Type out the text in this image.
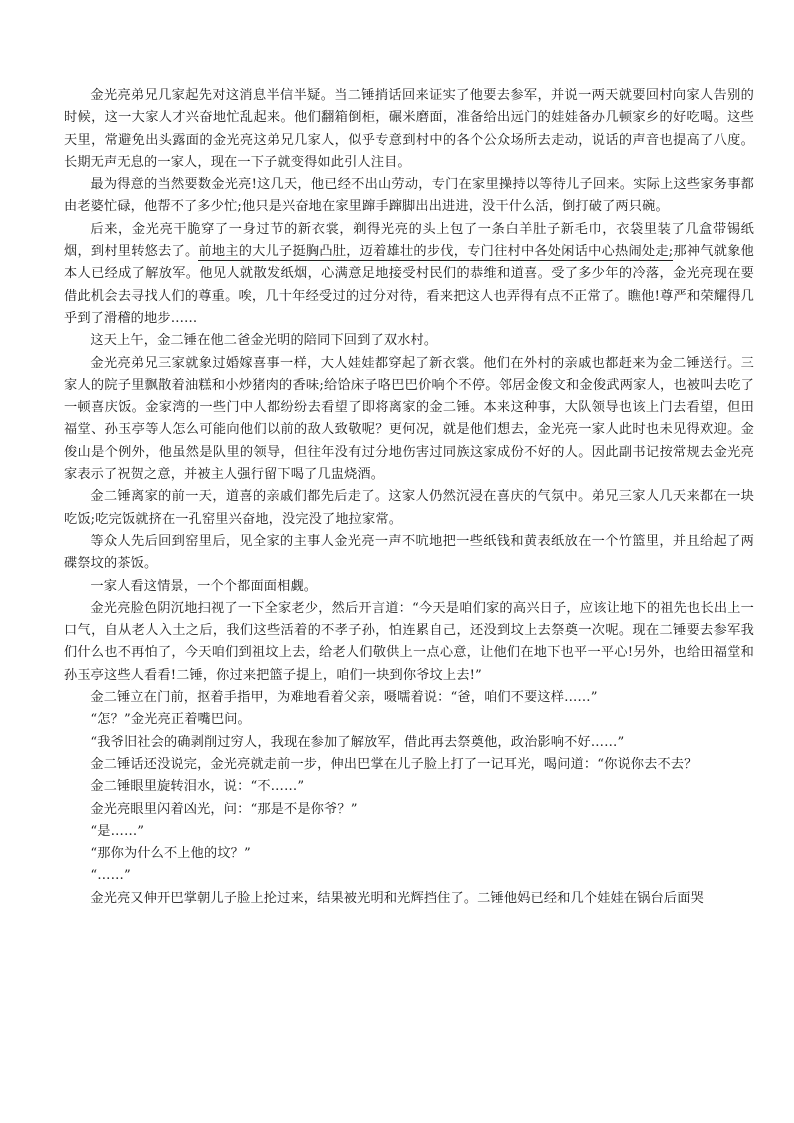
金光亮弟兄几家起先对这消息半信半疑。当二锤捎话回来证实了他要去参军，并说一两天就要回村向家人告别的时候，这一大家人才兴奋地忙乱起来。他们翻箱倒柜，碾米磨面，准备给出远门的娃娃备办几顿家乡的好吃喝。这些天里，常避免出头露面的金光亮这弟兄几家人，似乎专意到村中的各个公众场所去走动，说话的声音也提高了八度。长期无声无息的一家人，现在一下子就变得如此引人注目。

最为得意的当然要数金光亮!这几天，他已经不出山劳动，专门在家里操持以等待儿子回来。实际上这些家务事都由老婆忙碌，他帮不了多少忙;他只是兴奋地在家里蹿手蹿脚出出进进，没干什么活，倒打破了两只碗。

后来，金光亮干脆穿了一身过节的新衣裳，剃得光亮的头上包了一条白羊肚子新毛巾，衣袋里装了几盒带锡纸烟，到村里转悠去了。前地主的大儿子挺胸凸肚，迈着雄壮的步伐，专门往村中各处闲话中心热闹处走;那神气就象他本人已经成了解放军。他见人就散发纸烟，心满意足地接受村民们的恭维和道喜。受了多少年的冷落，金光亮现在要借此机会去寻找人们的尊重。唉，几十年经受过的过分对待，看来把这人也弄得有点不正常了。瞧他!尊严和荣耀得几乎到了滑稽的地步……

这天上午，金二锤在他二爸金光明的陪同下回到了双水村。

金光亮弟兄三家就象过婚嫁喜事一样，大人娃娃都穿起了新衣裳。他们在外村的亲戚也都赶来为金二锤送行。三家人的院子里飘散着油糕和小炒猪肉的香味;给饸床子咯巴巴价响个不停。邻居金俊文和金俊武两家人，也被叫去吃了一顿喜庆饭。金家湾的一些门中人都纷纷去看望了即将离家的金二锤。本来这种事，大队领导也该上门去看望，但田福堂、孙玉亭等人怎么可能向他们以前的敌人致敬呢？更何况，就是他们想去，金光亮一家人此时也未见得欢迎。金俊山是个例外，他虽然是队里的领导，但往年没有过分地伤害过同族这家成份不好的人。因此副书记按常规去金光亮家表示了祝贺之意，并被主人强行留下喝了几盅烧酒。

金二锤离家的前一天，道喜的亲戚们都先后走了。这家人仍然沉浸在喜庆的气氛中。弟兄三家人几天来都在一块吃饭;吃完饭就挤在一孔窑里兴奋地，没完没了地拉家常。

等众人先后回到窑里后，见全家的主事人金光亮一声不吭地把一些纸钱和黄表纸放在一个竹篮里，并且给起了两碟祭坟的茶饭。

一家人看这情景，一个个都面面相觑。

金光亮脸色阴沉地扫视了一下全家老少，然后开言道：“今天是咱们家的高兴日子，应该让地下的祖先也长出上一口气，自从老人入土之后，我们这些活着的不孝子孙，怕连累自己，还没到坟上去祭奠一次呢。现在二锤要去参军我们什么也不再怕了，今天咱们到祖坟上去，给老人们敬供上一点心意，让他们在地下也平一平心!另外，也给田福堂和孙玉亭这些人看看!二锤，你过来把篮子提上，咱们一块到你爷坟上去!”

金二锤立在门前，抠着手指甲，为难地看着父亲，嗫嚅着说：“爸，咱们不要这样……”

“怎？”金光亮正着嘴巴问。

“我爷旧社会的确剥削过穷人，我现在参加了解放军，借此再去祭奠他，政治影响不好……”

金二锤话还没说完，金光亮就走前一步，伸出巴掌在儿子脸上打了一记耳光，喝问道：“你说你去不去？

金二锤眼里旋转泪水，说：“不……”

金光亮眼里闪着凶光，问：“那是不是你爷？”

“是……”

“那你为什么不上他的坟？”

“……”

金光亮又伸开巴掌朝儿子脸上抡过来，结果被光明和光辉挡住了。二锤他妈已经和几个娃娃在锅台后面哭
